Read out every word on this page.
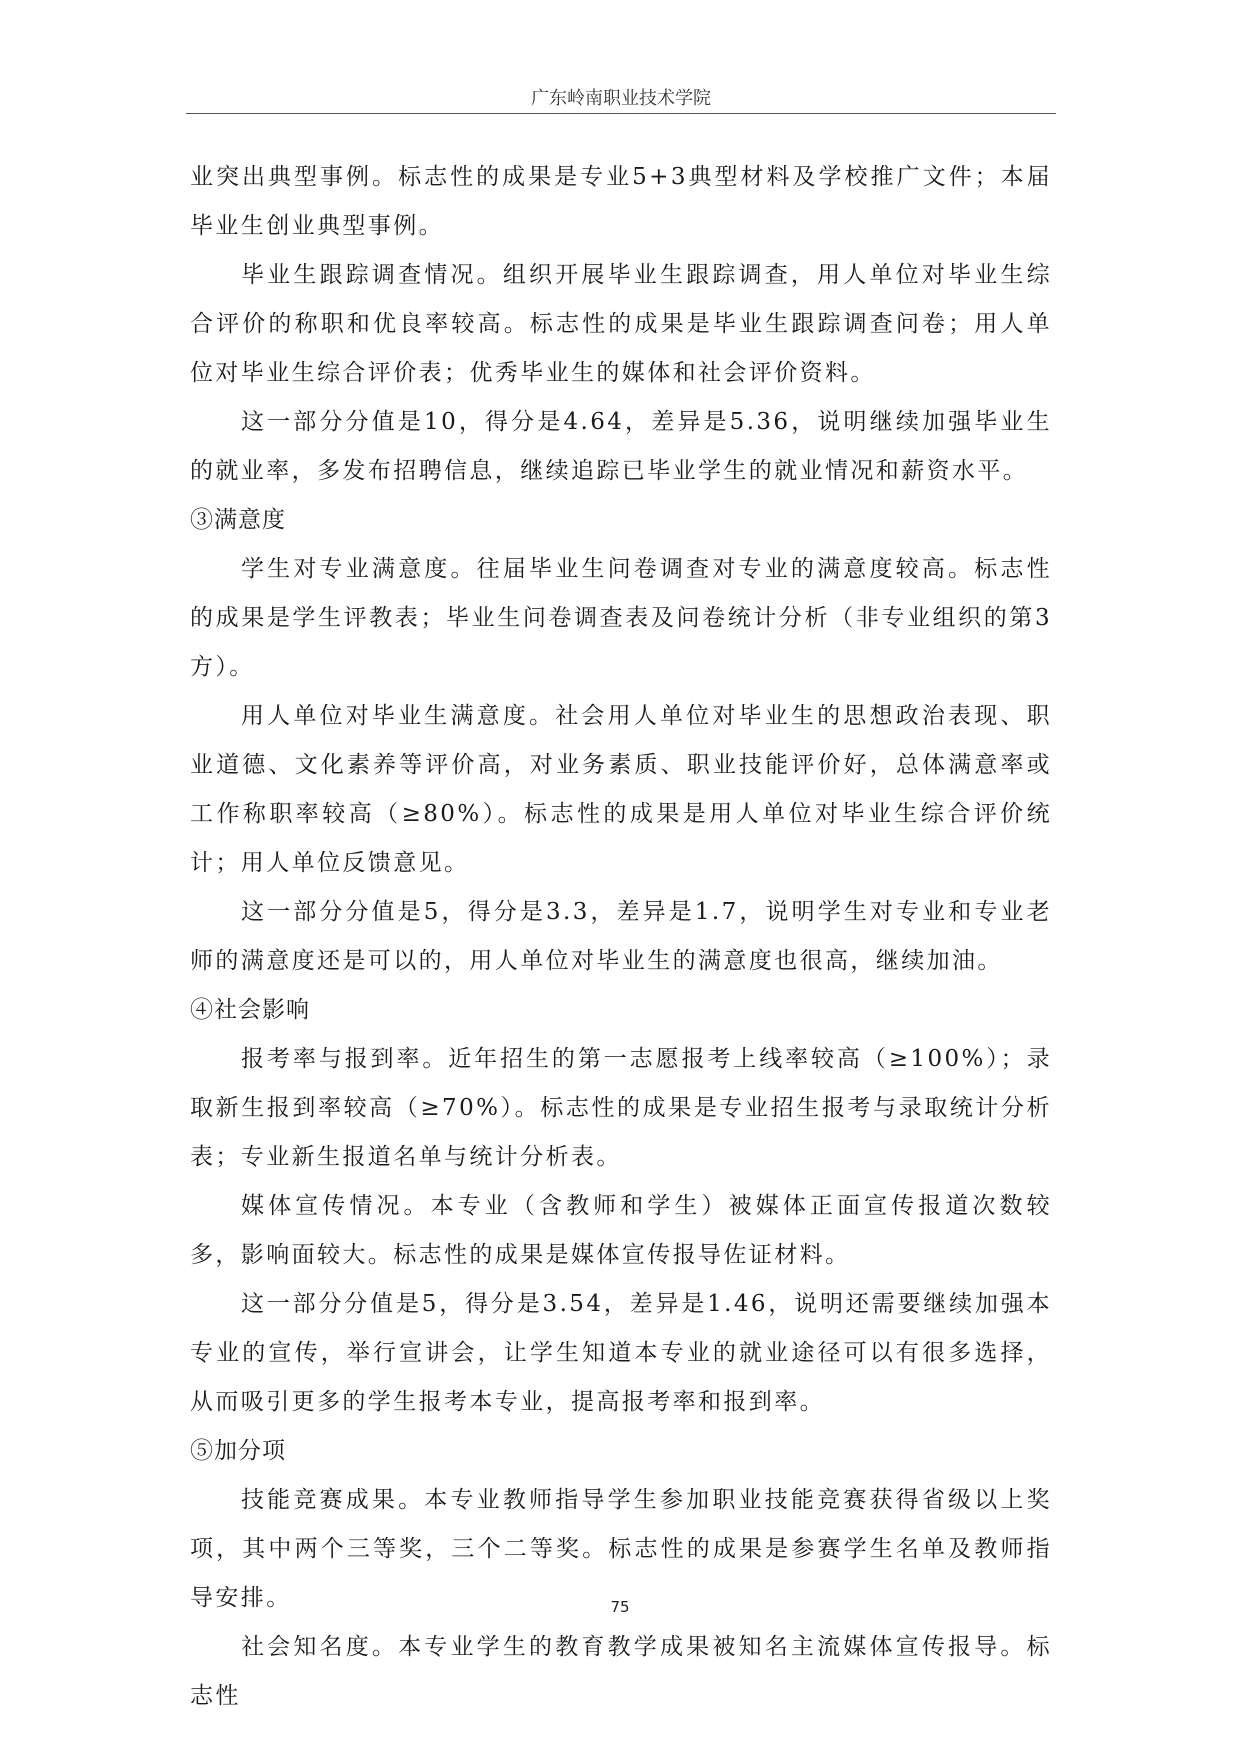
广东岭南职业技术学院

业突出典型事例。标志性的成果是专业5+3典型材料及学校推广文件；本届毕业生创业典型事例。

毕业生跟踪调查情况。组织开展毕业生跟踪调查，用人单位对毕业生综合评价的称职和优良率较高。标志性的成果是毕业生跟踪调查问卷；用人单位对毕业生综合评价表；优秀毕业生的媒体和社会评价资料。

这一部分分值是10，得分是4.64，差异是5.36，说明继续加强毕业生的就业率，多发布招聘信息，继续追踪已毕业学生的就业情况和薪资水平。

③满意度

学生对专业满意度。往届毕业生问卷调查对专业的满意度较高。标志性的成果是学生评教表；毕业生问卷调查表及问卷统计分析（非专业组织的第3方）。

用人单位对毕业生满意度。社会用人单位对毕业生的思想政治表现、职业道德、文化素养等评价高，对业务素质、职业技能评价好，总体满意率或工作称职率较高（≥80%）。标志性的成果是用人单位对毕业生综合评价统计；用人单位反馈意见。

这一部分分值是5，得分是3.3，差异是1.7，说明学生对专业和专业老师的满意度还是可以的，用人单位对毕业生的满意度也很高，继续加油。

④社会影响

报考率与报到率。近年招生的第一志愿报考上线率较高（≥100%）；录取新生报到率较高（≥70%）。标志性的成果是专业招生报考与录取统计分析表；专业新生报道名单与统计分析表。

媒体宣传情况。本专业（含教师和学生）被媒体正面宣传报道次数较多，影响面较大。标志性的成果是媒体宣传报导佐证材料。

这一部分分值是5，得分是3.54，差异是1.46，说明还需要继续加强本专业的宣传，举行宣讲会，让学生知道本专业的就业途径可以有很多选择，从而吸引更多的学生报考本专业，提高报考率和报到率。

⑤加分项

技能竞赛成果。本专业教师指导学生参加职业技能竞赛获得省级以上奖项，其中两个三等奖，三个二等奖。标志性的成果是参赛学生名单及教师指导安排。

社会知名度。本专业学生的教育教学成果被知名主流媒体宣传报导。标志性

75
